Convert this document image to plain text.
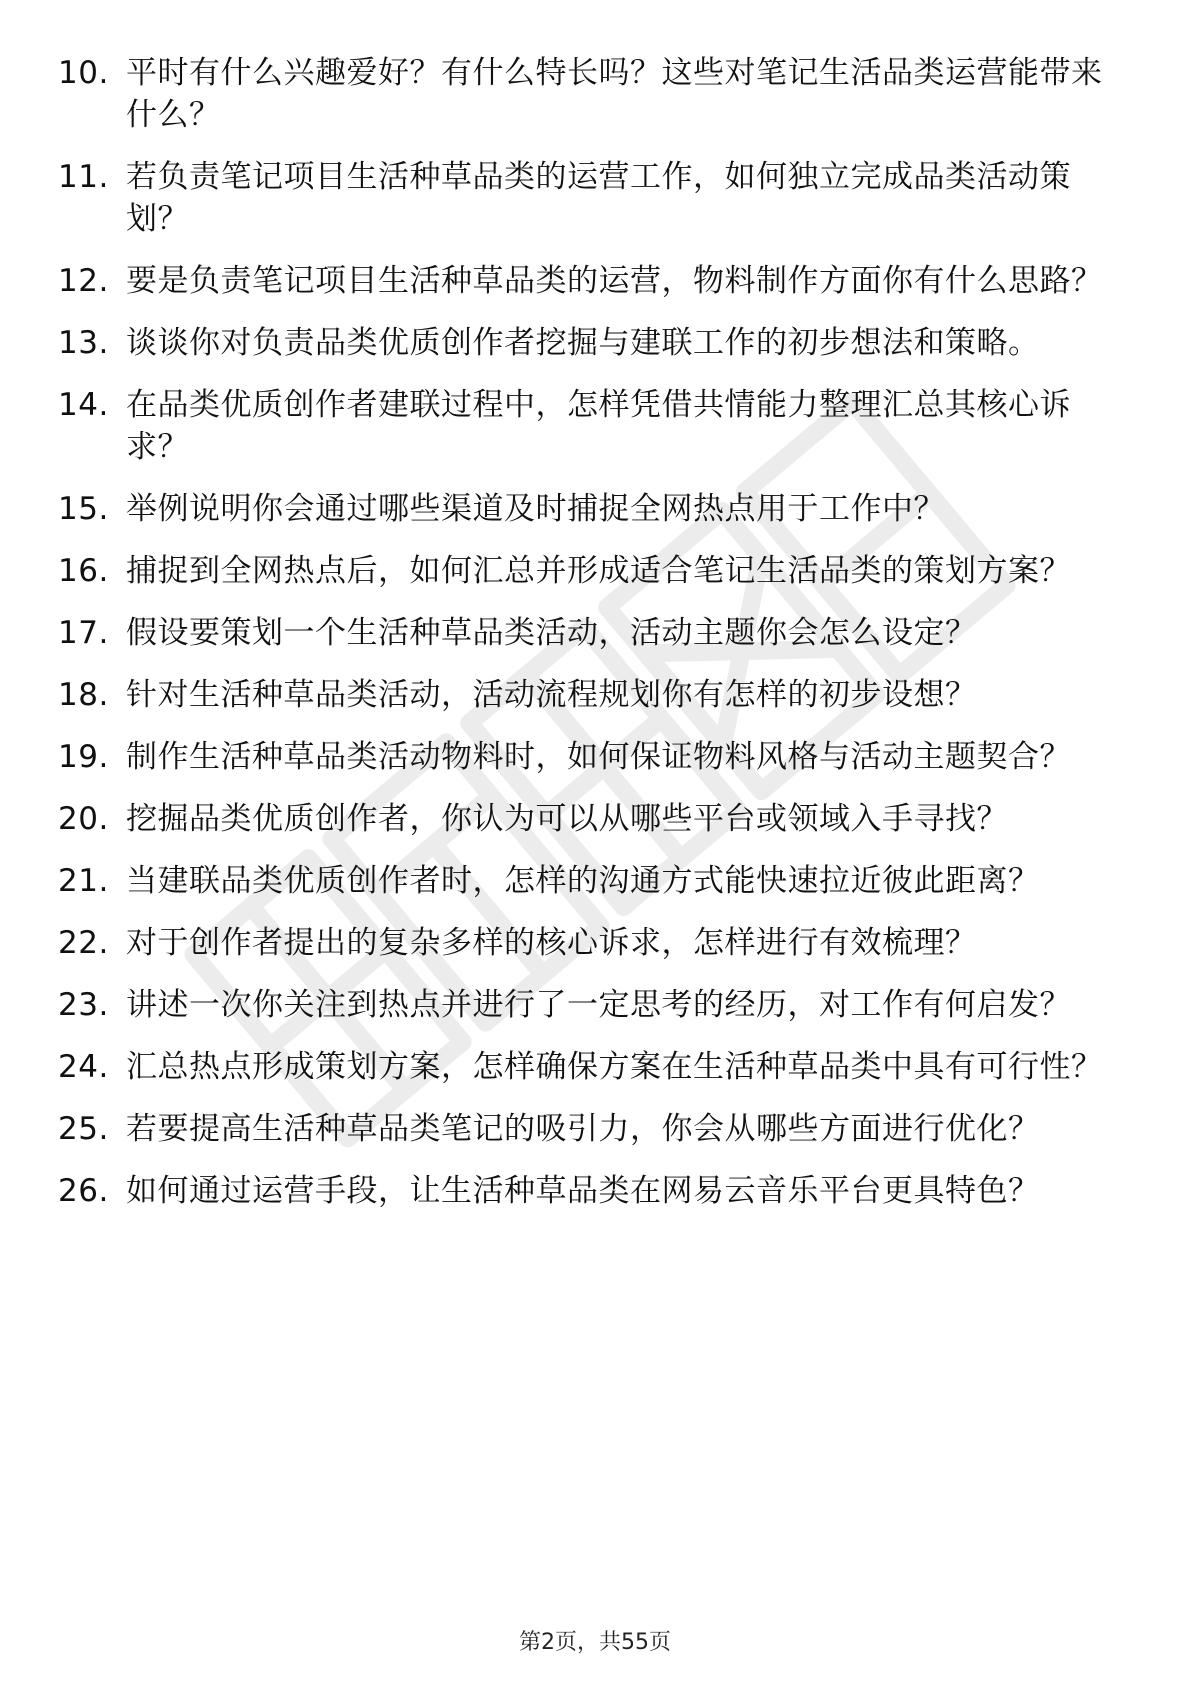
10. 平时有什么兴趣爱好？有什么特长吗？这些对笔记生活品类运营能带来什么？
11. 若负责笔记项目生活种草品类的运营工作，如何独立完成品类活动策划？
12. 要是负责笔记项目生活种草品类的运营，物料制作方面你有什么思路？
13. 谈谈你对负责品类优质创作者挖掘与建联工作的初步想法和策略。
14. 在品类优质创作者建联过程中，怎样凭借共情能力整理汇总其核心诉求？
15. 举例说明你会通过哪些渠道及时捕捉全网热点用于工作中？
16. 捕捉到全网热点后，如何汇总并形成适合笔记生活品类的策划方案？
17. 假设要策划一个生活种草品类活动，活动主题你会怎么设定？
18. 针对生活种草品类活动，活动流程规划你有怎样的初步设想？
19. 制作生活种草品类活动物料时，如何保证物料风格与活动主题契合？
20. 挖掘品类优质创作者，你认为可以从哪些平台或领域入手寻找？
21. 当建联品类优质创作者时，怎样的沟通方式能快速拉近彼此距离？
22. 对于创作者提出的复杂多样的核心诉求，怎样进行有效梳理？
23. 讲述一次你关注到热点并进行了一定思考的经历，对工作有何启发？
24. 汇总热点形成策划方案，怎样确保方案在生活种草品类中具有可行性？
25. 若要提高生活种草品类笔记的吸引力，你会从哪些方面进行优化？
26. 如何通过运营手段，让生活种草品类在网易云音乐平台更具特色？
第2页，共55页
